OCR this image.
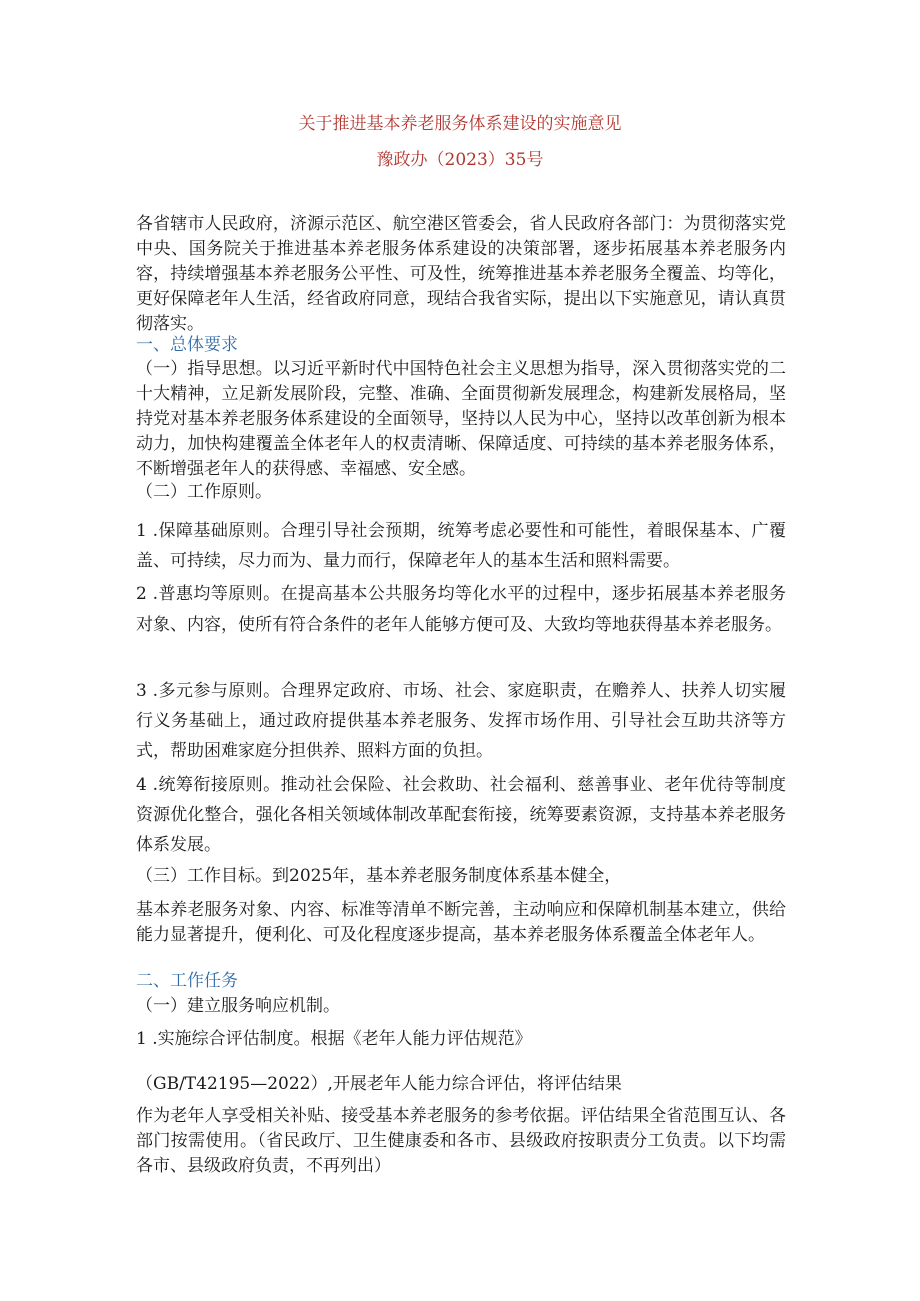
关于推进基本养老服务体系建设的实施意见
豫政办（2023）35号

各省辖市人民政府，济源示范区、航空港区管委会，省人民政府各部门：为贯彻落实党中央、国务院关于推进基本养老服务体系建设的决策部署，逐步拓展基本养老服务内容，持续增强基本养老服务公平性、可及性，统筹推进基本养老服务全覆盖、均等化，更好保障老年人生活，经省政府同意，现结合我省实际，提出以下实施意见，请认真贯彻落实。

一、总体要求

（一）指导思想。以习近平新时代中国特色社会主义思想为指导，深入贯彻落实党的二十大精神，立足新发展阶段，完整、准确、全面贯彻新发展理念，构建新发展格局，坚持党对基本养老服务体系建设的全面领导，坚持以人民为中心，坚持以改革创新为根本动力，加快构建覆盖全体老年人的权责清晰、保障适度、可持续的基本养老服务体系，不断增强老年人的获得感、幸福感、安全感。

（二）工作原则。

1 .保障基础原则。合理引导社会预期，统筹考虑必要性和可能性，着眼保基本、广覆盖、可持续，尽力而为、量力而行，保障老年人的基本生活和照料需要。

2 .普惠均等原则。在提高基本公共服务均等化水平的过程中，逐步拓展基本养老服务对象、内容，使所有符合条件的老年人能够方便可及、大致均等地获得基本养老服务。

3 .多元参与原则。合理界定政府、市场、社会、家庭职责，在赡养人、扶养人切实履行义务基础上，通过政府提供基本养老服务、发挥市场作用、引导社会互助共济等方式，帮助困难家庭分担供养、照料方面的负担。

4 .统筹衔接原则。推动社会保险、社会救助、社会福利、慈善事业、老年优待等制度资源优化整合，强化各相关领域体制改革配套衔接，统筹要素资源，支持基本养老服务体系发展。

（三）工作目标。到2025年，基本养老服务制度体系基本健全，

基本养老服务对象、内容、标准等清单不断完善，主动响应和保障机制基本建立，供给能力显著提升，便利化、可及化程度逐步提高，基本养老服务体系覆盖全体老年人。

二、工作任务

（一）建立服务响应机制。

1 .实施综合评估制度。根据《老年人能力评估规范》

（GB/T42195—2022）,开展老年人能力综合评估，将评估结果

作为老年人享受相关补贴、接受基本养老服务的参考依据。评估结果全省范围互认、各部门按需使用。（省民政厅、卫生健康委和各市、县级政府按职责分工负责。以下均需各市、县级政府负责，不再列出）
